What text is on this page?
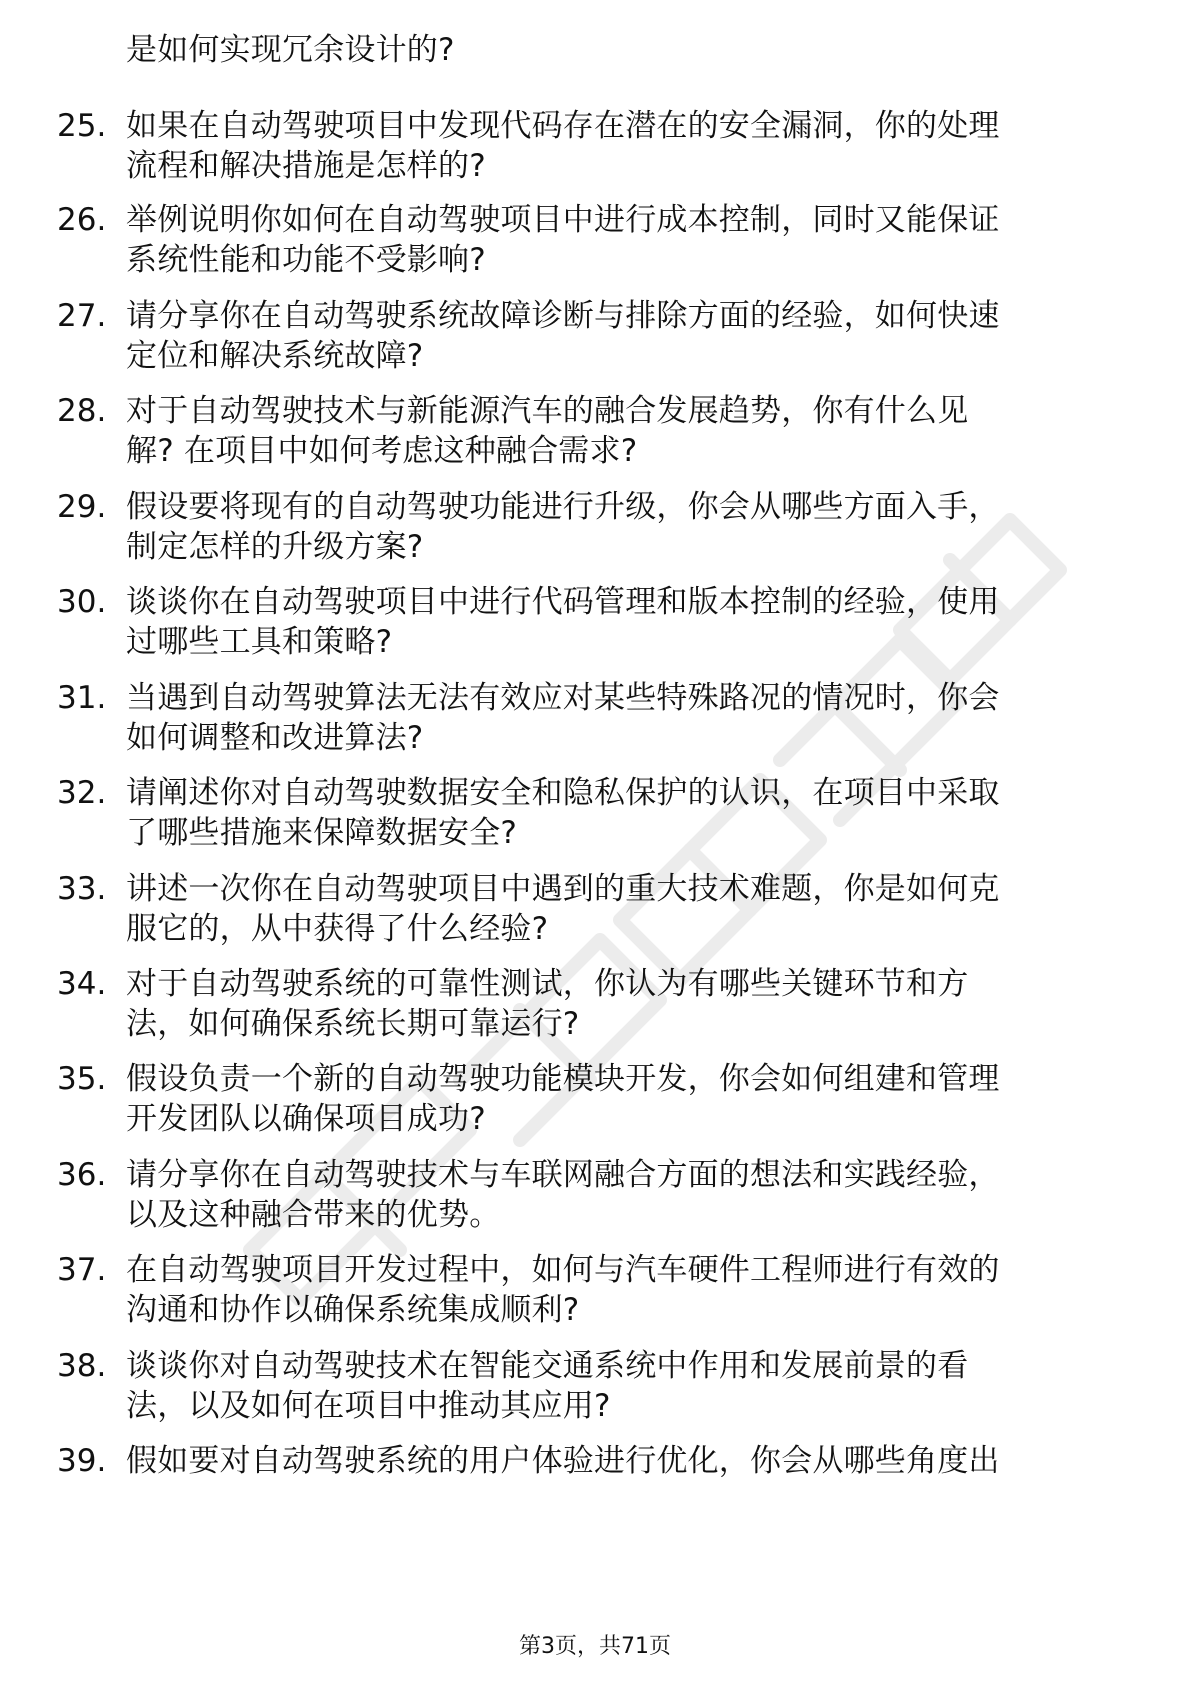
是如何实现冗余设计的?
25. 如果在自动驾驶项目中发现代码存在潜在的安全漏洞，你的处理
流程和解决措施是怎样的?
26. 举例说明你如何在自动驾驶项目中进行成本控制，同时又能保证
系统性能和功能不受影响?
27. 请分享你在自动驾驶系统故障诊断与排除方面的经验，如何快速
定位和解决系统故障?
28. 对于自动驾驶技术与新能源汽车的融合发展趋势，你有什么见
解? 在项目中如何考虑这种融合需求?
29. 假设要将现有的自动驾驶功能进行升级，你会从哪些方面入手，
制定怎样的升级方案?
30. 谈谈你在自动驾驶项目中进行代码管理和版本控制的经验，使用
过哪些工具和策略?
31. 当遇到自动驾驶算法无法有效应对某些特殊路况的情况时，你会
如何调整和改进算法?
32. 请阐述你对自动驾驶数据安全和隐私保护的认识，在项目中采取
了哪些措施来保障数据安全?
33. 讲述一次你在自动驾驶项目中遇到的重大技术难题，你是如何克
服它的，从中获得了什么经验?
34. 对于自动驾驶系统的可靠性测试，你认为有哪些关键环节和方
法，如何确保系统长期可靠运行?
35. 假设负责一个新的自动驾驶功能模块开发，你会如何组建和管理
开发团队以确保项目成功?
36. 请分享你在自动驾驶技术与车联网融合方面的想法和实践经验，
以及这种融合带来的优势。
37. 在自动驾驶项目开发过程中，如何与汽车硬件工程师进行有效的
沟通和协作以确保系统集成顺利?
38. 谈谈你对自动驾驶技术在智能交通系统中作用和发展前景的看
法，以及如何在项目中推动其应用?
39. 假如要对自动驾驶系统的用户体验进行优化，你会从哪些角度出
第3页，共71页
